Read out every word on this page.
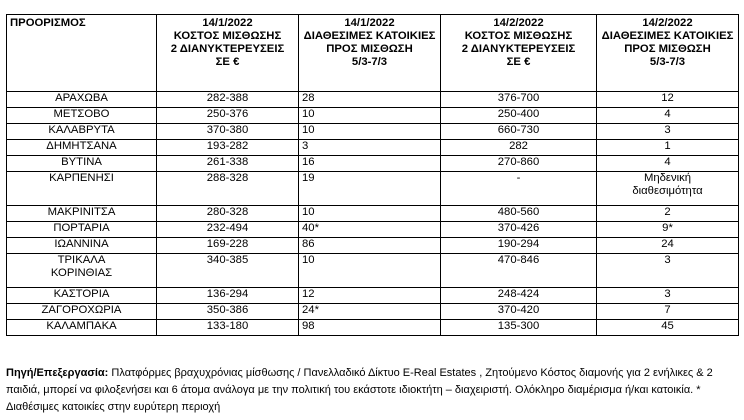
ΠΡΟΟΡΙΣΜΟΣ	14/1/2022
ΚΟΣΤΟΣ ΜΙΣΘΩΣΗΣ
2 ΔΙΑΝΥΚΤΕΡΕΥΣΕΙΣ
ΣΕ €	14/1/2022
ΔΙΑΘΕΣΙΜΕΣ ΚΑΤΟΙΚΙΕΣ
ΠΡΟΣ ΜΙΣΘΩΣΗ
5/3-7/3	14/2/2022
ΚΟΣΤΟΣ ΜΙΣΘΩΣΗΣ
2 ΔΙΑΝΥΚΤΕΡΕΥΣΕΙΣ
ΣΕ €	14/2/2022
ΔΙΑΘΕΣΙΜΕΣ ΚΑΤΟΙΚΙΕΣ
ΠΡΟΣ ΜΙΣΘΩΣΗ
5/3-7/3

ΑΡΑΧΩΒΑ	282-388	28	376-700	12

ΜΕΤΣΟΒΟ	250-376	10	250-400	4

ΚΑΛΑΒΡΥΤΑ	370-380	10	660-730	3

ΔΗΜΗΤΣΑΝΑ	193-282	3	282	1

ΒΥΤΙΝΑ	261-338	16	270-860	4

ΚΑΡΠΕΝΗΣΙ	288-328	19	-	Μηδενική
διαθεσιμότητα

ΜΑΚΡΙΝΙΤΣΑ	280-328	10	480-560	2

ΠΟΡΤΑΡΙΑ	232-494	40*	370-426	9*

ΙΩΑΝΝΙΝΑ	169-228	86	190-294	24

ΤΡΙΚΑΛΑ
ΚΟΡΙΝΘΙΑΣ	340-385	10	470-846	3

ΚΑΣΤΟΡΙΑ	136-294	12	248-424	3

ΖΑΓΟΡΟΧΩΡΙΑ	350-386	24*	370-420	7

ΚΑΛΑΜΠΑΚΑ	133-180	98	135-300	45
Πηγή/Επεξεργασία: Πλατφόρμες βραχυχρόνιας μίσθωσης / Πανελλαδικό Δίκτυο E-Real Estates , Ζητούμενο Κόστος διαμονής για 2 ενήλικες & 2 παιδιά, μπορεί να φιλοξενήσει και 6 άτομα ανάλογα με την πολιτική του εκάστοτε ιδιοκτήτη – διαχειριστή. Ολόκληρο διαμέρισμα ή/και κατοικία. * Διαθέσιμες κατοικίες στην ευρύτερη περιοχή
